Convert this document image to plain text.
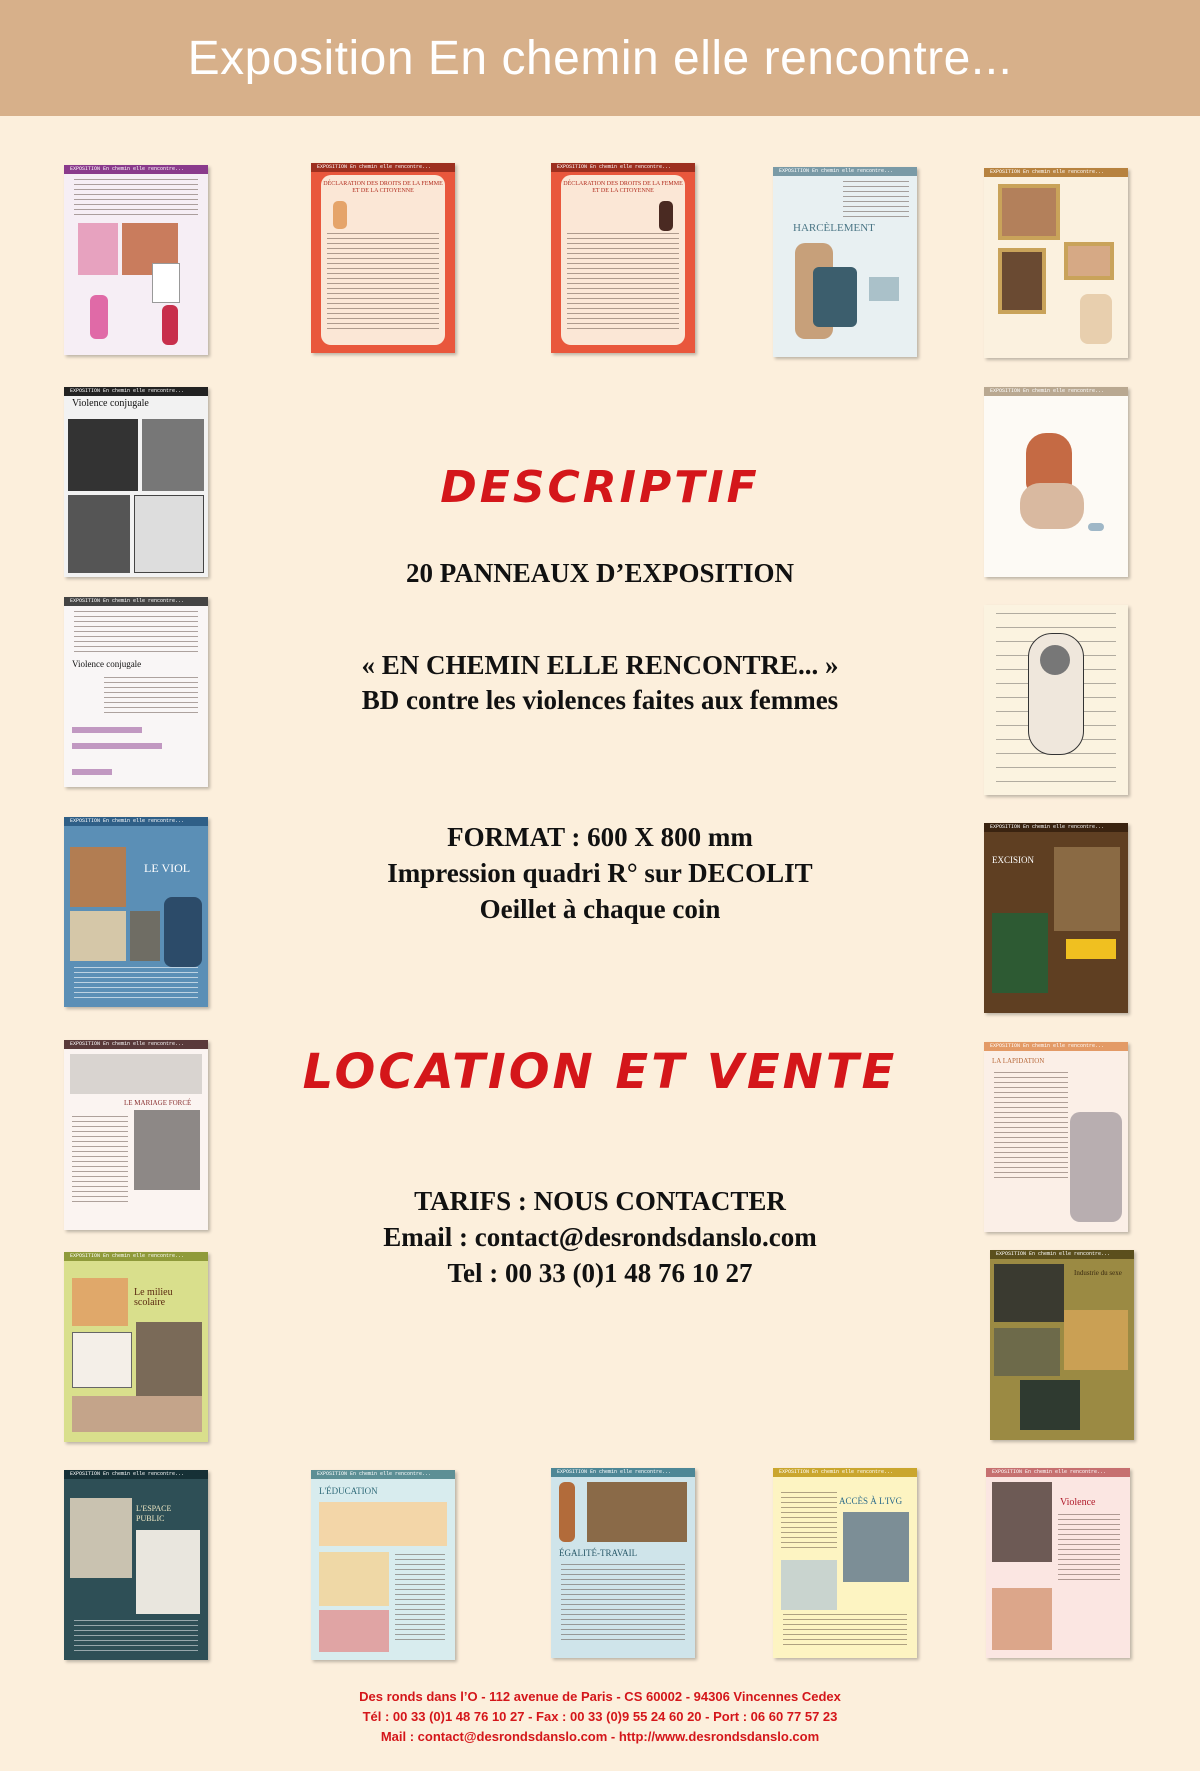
Exposition En chemin elle rencontre...
EXPOSITION En chemin elle rencontre...	EXPOSITION En chemin elle rencontre...
DÉCLARATION DES DROITS DE LA FEMME ET DE LA CITOYENNE
EXPOSITION En chemin elle rencontre...
DÉCLARATION DES DROITS DE LA FEMME ET DE LA CITOYENNE
EXPOSITION En chemin elle rencontre...
HARCÈLEMENT
EXPOSITION En chemin elle rencontre...
EXPOSITION En chemin elle rencontre...
Violence conjugale
EXPOSITION En chemin elle rencontre...
EXPOSITION En chemin elle rencontre...
Violence conjugale
EXPOSITION En chemin elle rencontre...
LE VIOL
EXPOSITION En chemin elle rencontre...
EXCISION
EXPOSITION En chemin elle rencontre...
LE MARIAGE FORCÉ
EXPOSITION En chemin elle rencontre...
LA LAPIDATION
EXPOSITION En chemin elle rencontre...
Le milieu scolaire
EXPOSITION En chemin elle rencontre...
Industrie du sexe
EXPOSITION En chemin elle rencontre...
L'ESPACE PUBLIC
EXPOSITION En chemin elle rencontre...
L'ÉDUCATION
EXPOSITION En chemin elle rencontre...
ÉGALITÉ-TRAVAIL
EXPOSITION En chemin elle rencontre...
ACCÈS À L'IVG
EXPOSITION En chemin elle rencontre...
Violence
DESCRIPTIF
20 PANNEAUX D’EXPOSITION
« EN CHEMIN ELLE RENCONTRE... »
BD contre les violences faites aux femmes
FORMAT : 600 X 800 mm
Impression quadri R° sur DECOLIT
Oeillet à chaque coin
LOCATION ET VENTE
TARIFS : NOUS CONTACTER
Email : contact@desrondsdanslo.com
Tel : 00 33 (0)1 48 76 10 27
Des ronds dans l’O - 112 avenue de Paris - CS 60002 - 94306 Vincennes Cedex
Tél : 00 33 (0)1 48 76 10 27 - Fax : 00 33 (0)9 55 24 60 20 - Port : 06 60 77 57 23
Mail : contact@desrondsdanslo.com - http://www.desrondsdanslo.com
